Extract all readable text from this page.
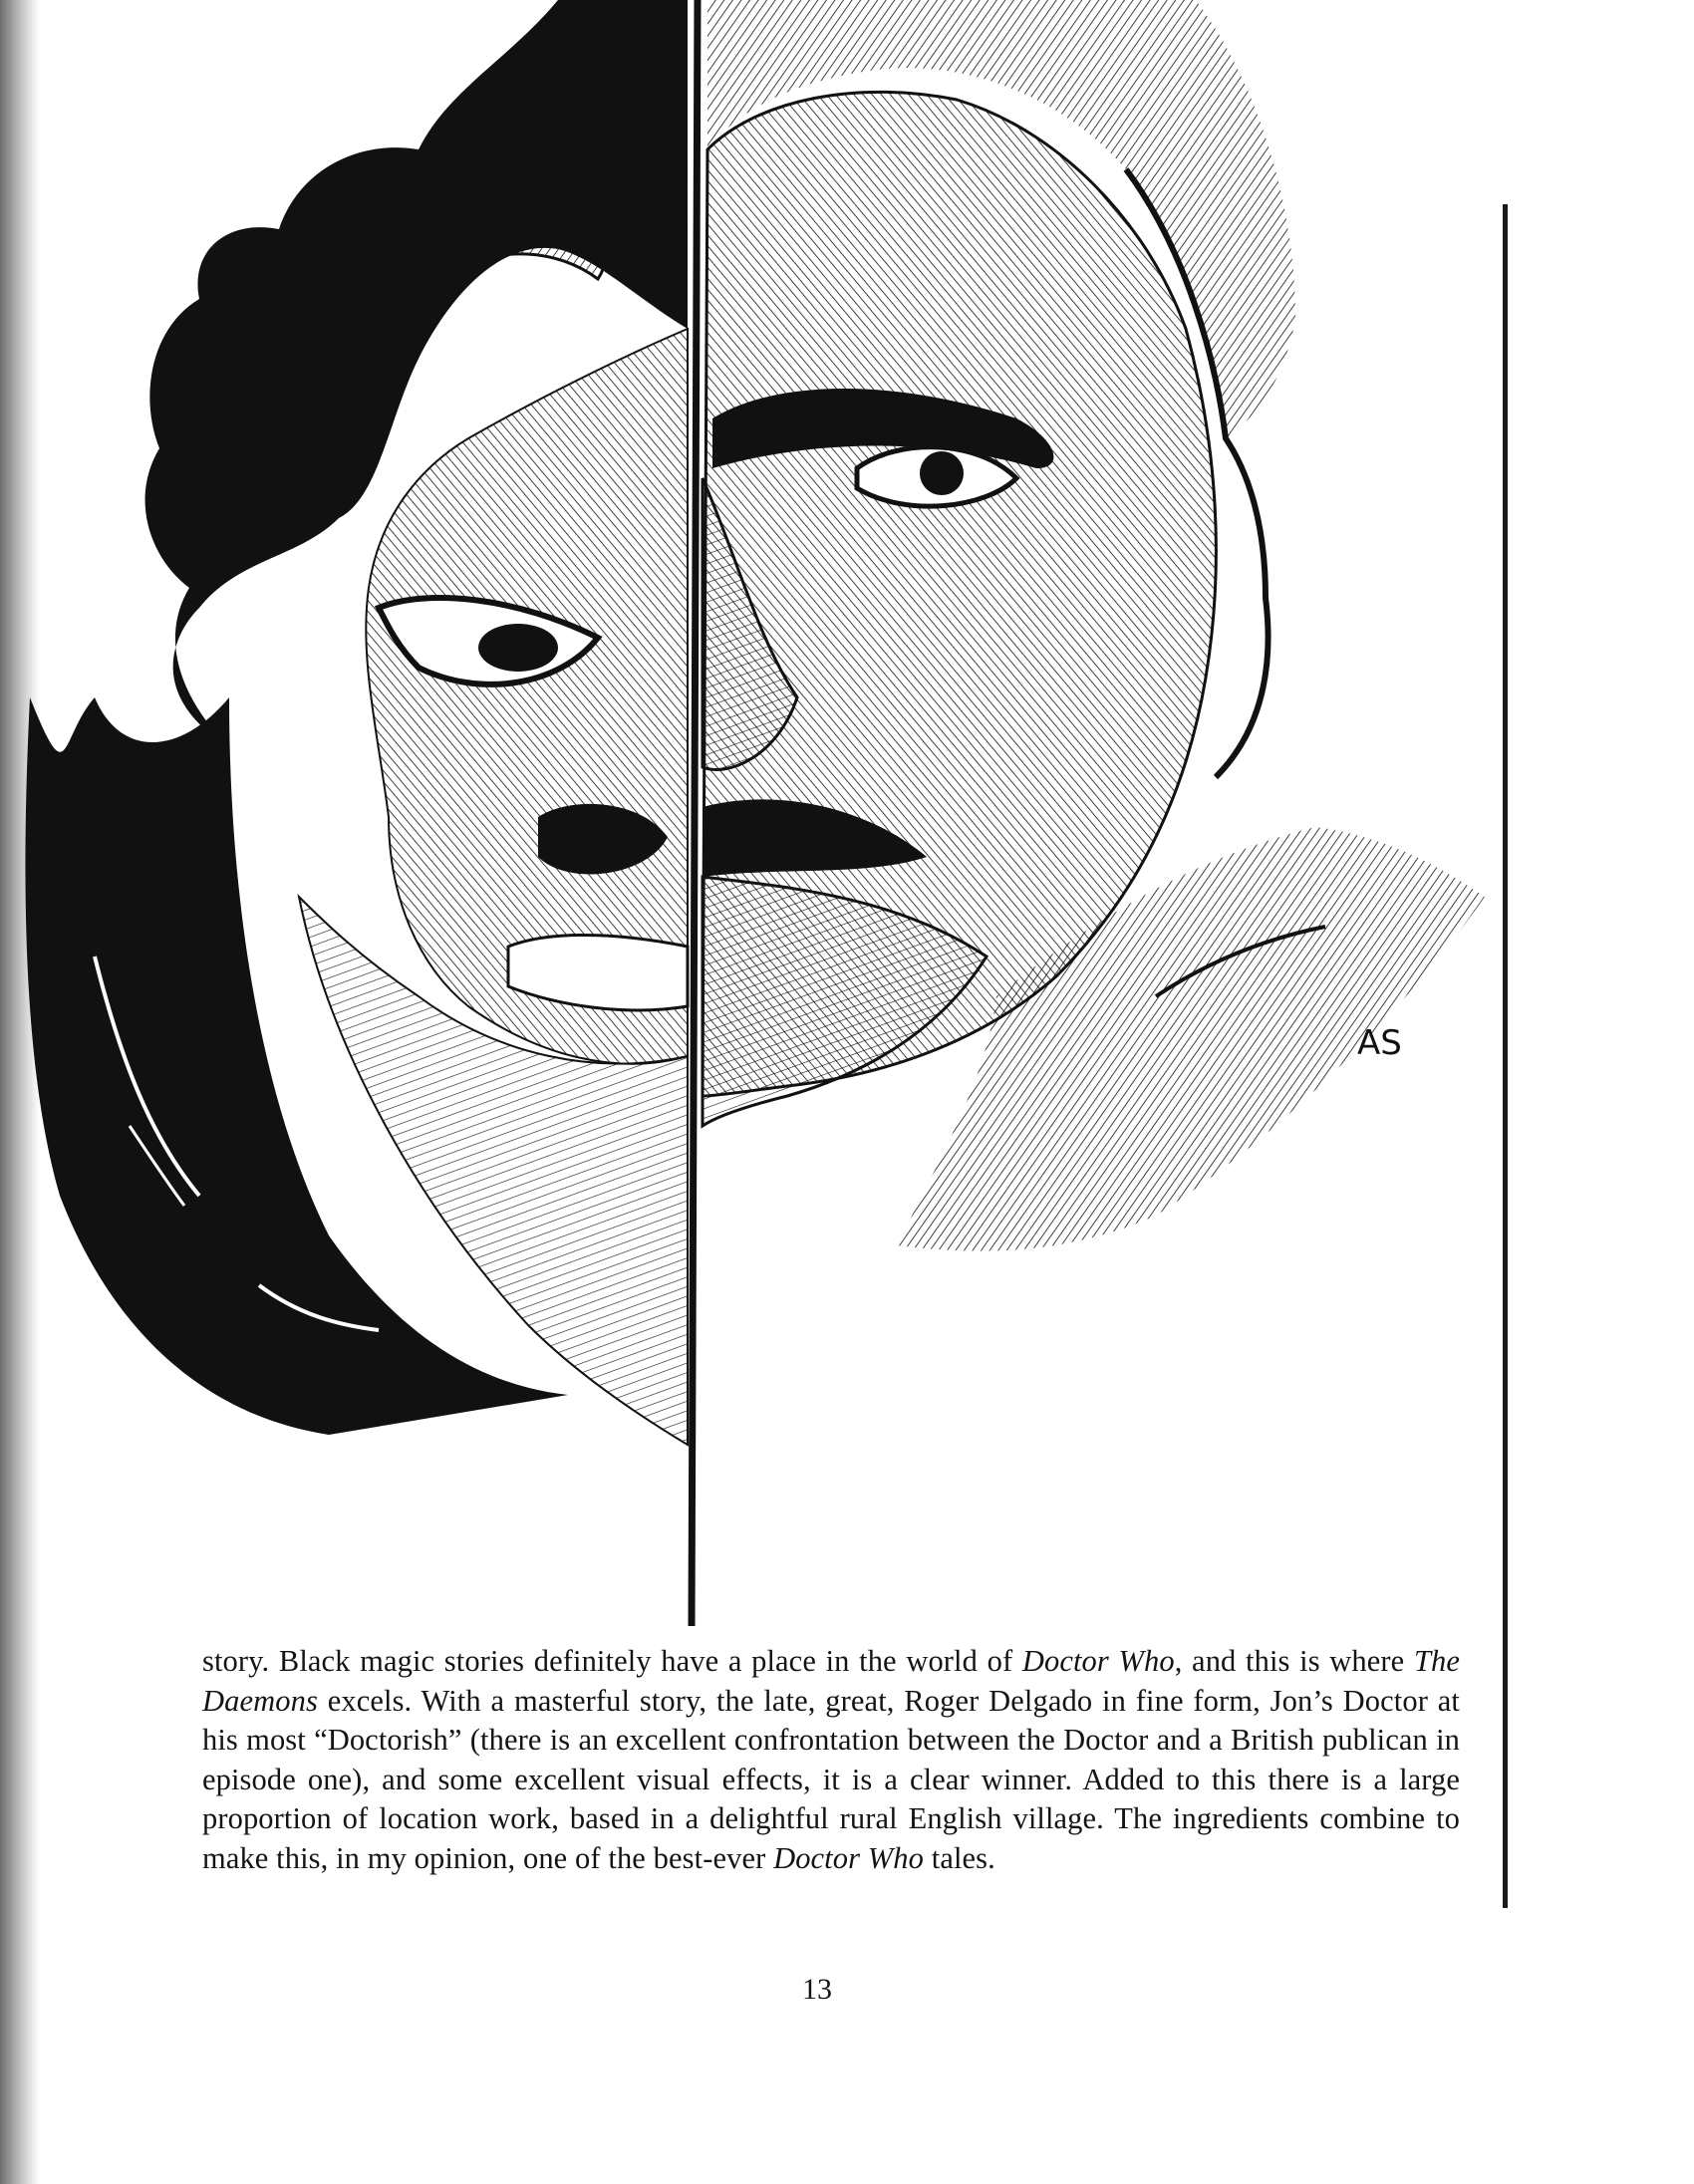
AS

story. Black magic stories definitely have a place in the world of Doctor Who, and this is where The Daemons excels. With a masterful story, the late, great, Roger Delgado in fine form, Jon’s Doctor at his most “Doctorish” (there is an excellent confrontation between the Doctor and a British publican in episode one), and some excellent visual effects, it is a clear winner. Added to this there is a large proportion of location work, based in a delightful rural English village. The ingredients combine to make this, in my opinion, one of the best-ever Doctor Who tales.

13
